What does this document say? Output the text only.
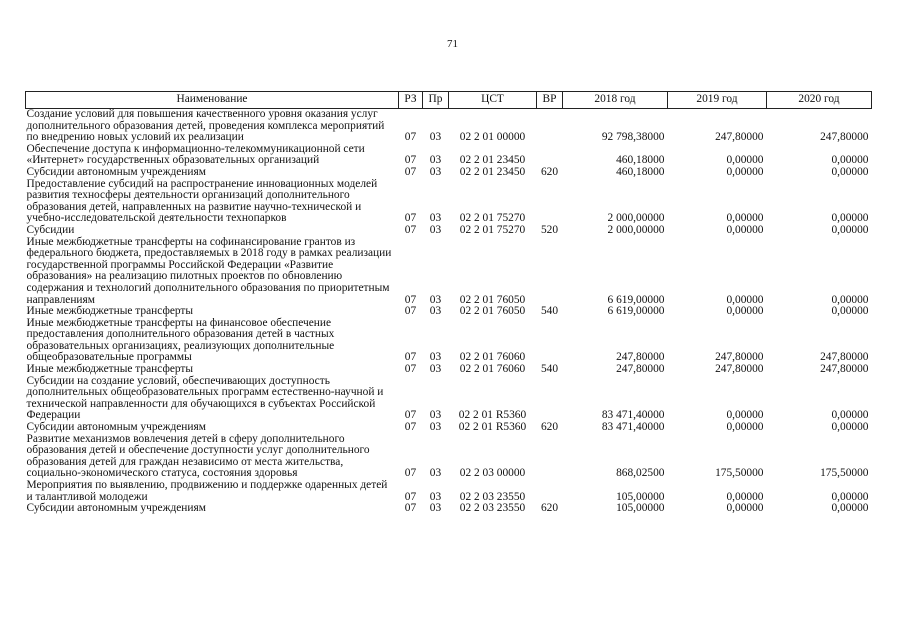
71
Наименование	РЗ	Пр	ЦСТ	ВР	2018 год	2019 год	2020 год
Создание условий для повышения качественного уровня оказания услуг дополнительного образования детей, проведения комплекса мероприятий по внедрению новых условий их реализации	07	03	02 2 01 00000		92 798,38000	247,80000	247,80000
Обеспечение доступа к информационно-телекоммуникационной сети «Интернет» государственных образовательных организаций	07	03	02 2 01 23450		460,18000	0,00000	0,00000
Субсидии автономным учреждениям	07	03	02 2 01 23450	620	460,18000	0,00000	0,00000
Предоставление субсидий на распространение инновационных моделей развития техносферы деятельности организаций дополнительного образования детей, направленных на развитие научно-технической и учебно-исследовательской деятельности технопарков	07	03	02 2 01 75270		2 000,00000	0,00000	0,00000
Субсидии	07	03	02 2 01 75270	520	2 000,00000	0,00000	0,00000
Иные межбюджетные трансферты на софинансирование грантов из федерального бюджета, предоставляемых в 2018 году в рамках реализации государственной программы Российской Федерации «Развитие образования» на реализацию пилотных проектов по обновлению содержания и технологий дополнительного образования по приоритетным направлениям	07	03	02 2 01 76050		6 619,00000	0,00000	0,00000
Иные межбюджетные трансферты	07	03	02 2 01 76050	540	6 619,00000	0,00000	0,00000
Иные межбюджетные трансферты на финансовое обеспечение предоставления дополнительного образования детей в частных образовательных организациях, реализующих дополнительные общеобразовательные программы	07	03	02 2 01 76060		247,80000	247,80000	247,80000
Иные межбюджетные трансферты	07	03	02 2 01 76060	540	247,80000	247,80000	247,80000
Субсидии на создание условий, обеспечивающих доступность дополнительных общеобразовательных программ естественно-научной и технической направленности для обучающихся в субъектах Российской Федерации	07	03	02 2 01 R5360		83 471,40000	0,00000	0,00000
Субсидии автономным учреждениям	07	03	02 2 01 R5360	620	83 471,40000	0,00000	0,00000
Развитие механизмов вовлечения детей в сферу дополнительного образования детей и обеспечение доступности услуг дополнительного образования детей для граждан независимо от места жительства, социально-экономического статуса, состояния здоровья	07	03	02 2 03 00000		868,02500	175,50000	175,50000
Мероприятия по выявлению, продвижению и поддержке одаренных детей и талантливой молодежи	07	03	02 2 03 23550		105,00000	0,00000	0,00000
Субсидии автономным учреждениям	07	03	02 2 03 23550	620	105,00000	0,00000	0,00000
